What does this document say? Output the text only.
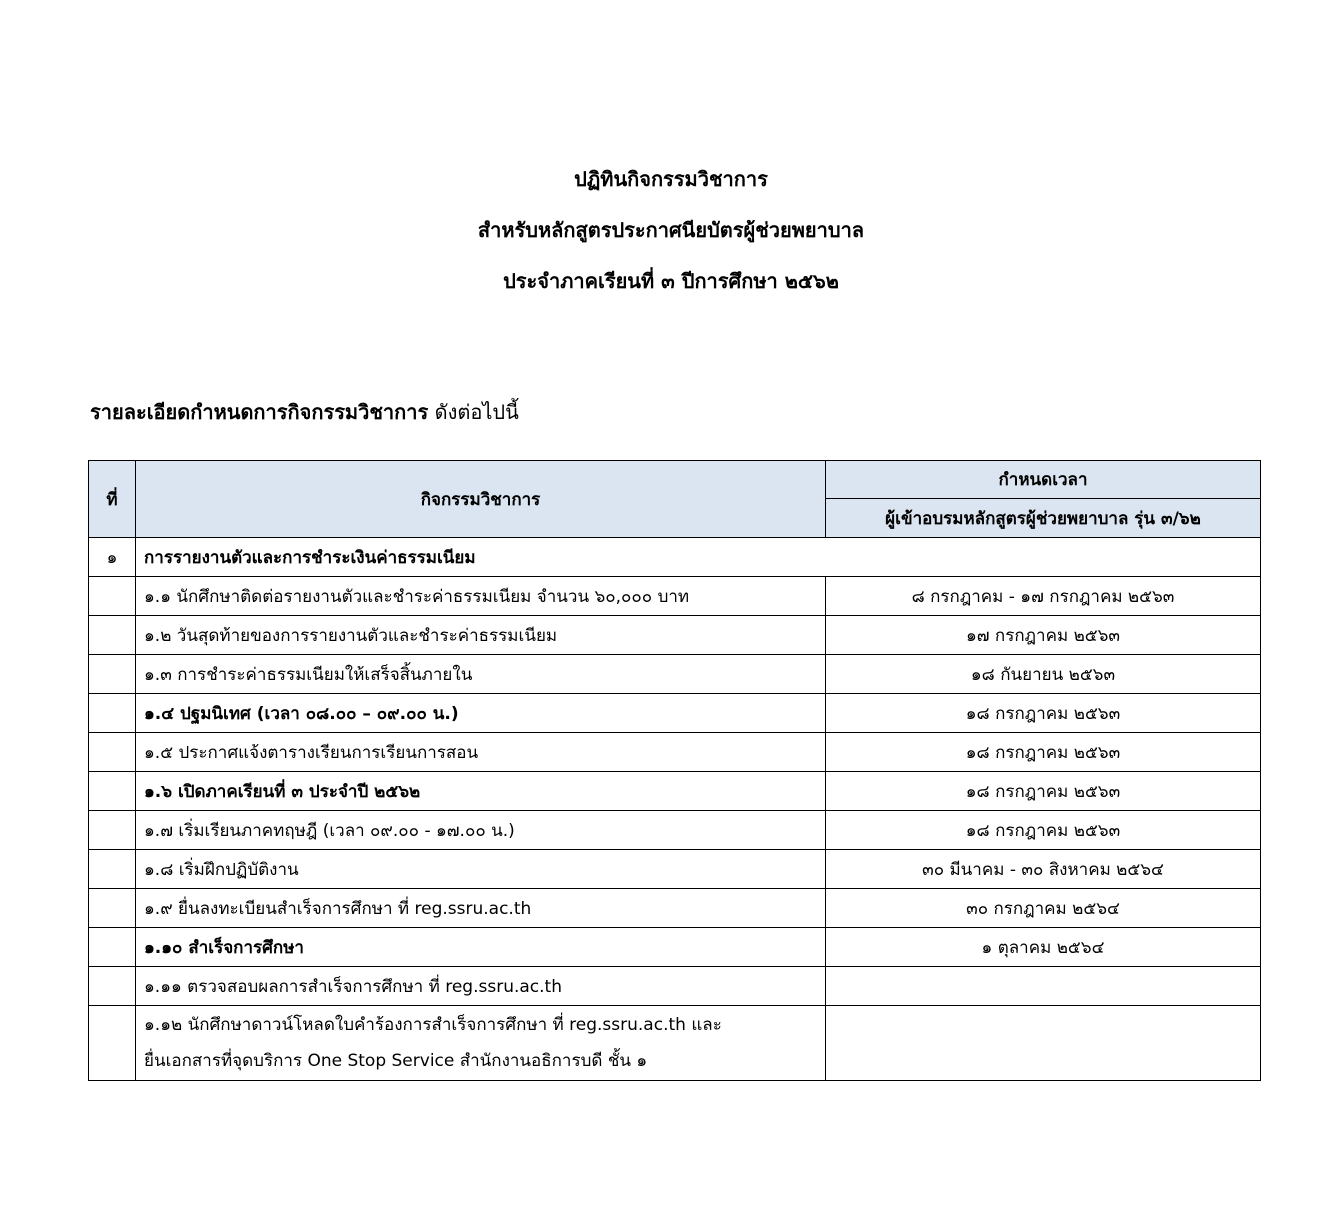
ปฏิทินกิจกรรมวิชาการ
สำหรับหลักสูตรประกาศนียบัตรผู้ช่วยพยาบาล
ประจำภาคเรียนที่ ๓ ปีการศึกษา ๒๕๖๒
รายละเอียดกำหนดการกิจกรรมวิชาการ ดังต่อไปนี้
ที่	กิจกรรมวิชาการ	กำหนดเวลา
		ผู้เข้าอบรมหลักสูตรผู้ช่วยพยาบาล รุ่น ๓/๖๒
๑	การรายงานตัวและการชำระเงินค่าธรรมเนียม	
	๑.๑ นักศึกษาติดต่อรายงานตัวและชำระค่าธรรมเนียม จำนวน ๖๐,๐๐๐ บาท	๘ กรกฎาคม - ๑๗ กรกฎาคม ๒๕๖๓
	๑.๒ วันสุดท้ายของการรายงานตัวและชำระค่าธรรมเนียม	๑๗ กรกฎาคม ๒๕๖๓
	๑.๓ การชำระค่าธรรมเนียมให้เสร็จสิ้นภายใน	๑๘ กันยายน ๒๕๖๓
	๑.๔ ปฐมนิเทศ (เวลา ๐๘.๐๐ – ๐๙.๐๐ น.)	๑๘ กรกฎาคม ๒๕๖๓
	๑.๕ ประกาศแจ้งตารางเรียนการเรียนการสอน	๑๘ กรกฎาคม ๒๕๖๓
	๑.๖ เปิดภาคเรียนที่ ๓ ประจำปี ๒๕๖๒	๑๘ กรกฎาคม ๒๕๖๓
	๑.๗ เริ่มเรียนภาคทฤษฎี (เวลา ๐๙.๐๐ - ๑๗.๐๐ น.)	๑๘ กรกฎาคม ๒๕๖๓
	๑.๘ เริ่มฝึกปฏิบัติงาน	๓๐ มีนาคม - ๓๐ สิงหาคม ๒๕๖๔
	๑.๙ ยื่นลงทะเบียนสำเร็จการศึกษา ที่ reg.ssru.ac.th	๓๐ กรกฎาคม ๒๕๖๔
	๑.๑๐ สำเร็จการศึกษา	๑ ตุลาคม ๒๕๖๔
	๑.๑๑ ตรวจสอบผลการสำเร็จการศึกษา ที่ reg.ssru.ac.th	

	๑.๑๒ นักศึกษาดาวน์โหลดใบคำร้องการสำเร็จการศึกษา ที่ reg.ssru.ac.th และ
ยื่นเอกสารที่จุดบริการ One Stop Service สำนักงานอธิการบดี ชั้น ๑	
